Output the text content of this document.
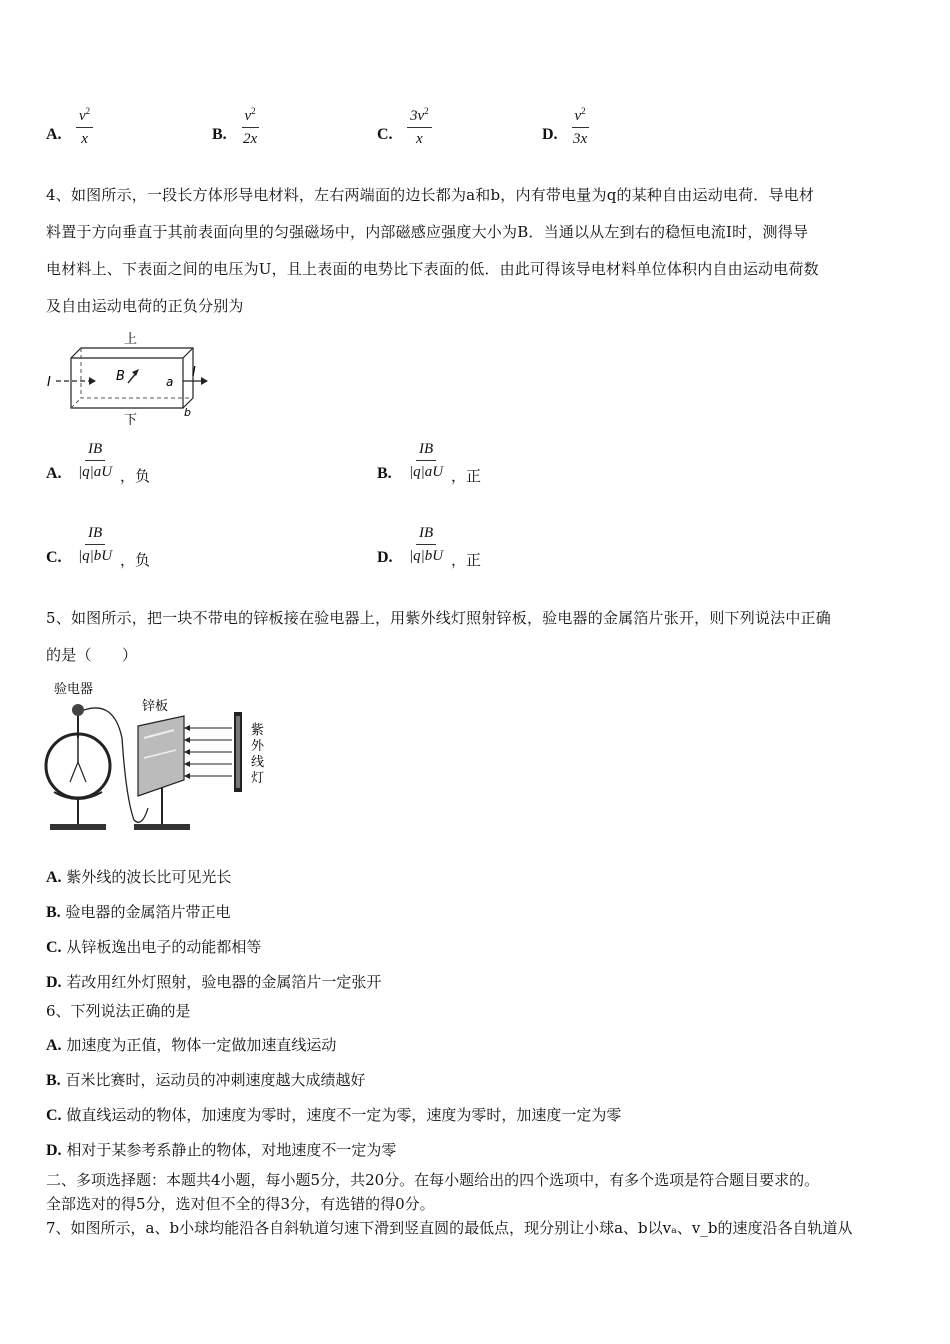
A. $\frac{v^2}{x}$	B. $\frac{v^2}{2x}$	C. $\frac{3v^2}{x}$	D. $\frac{v^2}{3x}$
4、如图所示，一段长方体形导电材料，左右两端面的边长都为a和b，内有带电量为q的某种自由运动电荷．导电材
料置于方向垂直于其前表面向里的匀强磁场中，内部磁感应强度大小为B．当通以从左到右的稳恒电流I时，测得导
电材料上、下表面之间的电压为U，且上表面的电势比下表面的低．由此可得该导电材料单位体积内自由运动电荷数
及自由运动电荷的正负分别为
上
I	B	a
I
b
下
A. $\frac{IB}{|q|aU}$ ，负	B. $\frac{IB}{|q|aU}$ ，正
C. $\frac{IB}{|q|bU}$ ，负	D. $\frac{IB}{|q|bU}$ ，正
5、如图所示，把一块不带电的锌板接在验电器上，用紫外线灯照射锌板，验电器的金属箔片张开，则下列说法中正确
的是（　　）
验电器
锌板
紫
外
线
灯
A. 紫外线的波长比可见光长
B. 验电器的金属箔片带正电
C. 从锌板逸出电子的动能都相等
D. 若改用红外灯照射，验电器的金属箔片一定张开
6、下列说法正确的是
A. 加速度为正值，物体一定做加速直线运动
B. 百米比赛时，运动员的冲刺速度越大成绩越好
C. 做直线运动的物体，加速度为零时，速度不一定为零，速度为零时，加速度一定为零
D. 相对于某参考系静止的物体，对地速度不一定为零
二、多项选择题：本题共4小题，每小题5分，共20分。在每小题给出的四个选项中，有多个选项是符合题目要求的。
全部选对的得5分，选对但不全的得3分，有选错的得0分。
7、如图所示，a、b小球均能沿各自斜轨道匀速下滑到竖直圆的最低点，现分别让小球a、b以vₐ、v_b的速度沿各自轨道从
